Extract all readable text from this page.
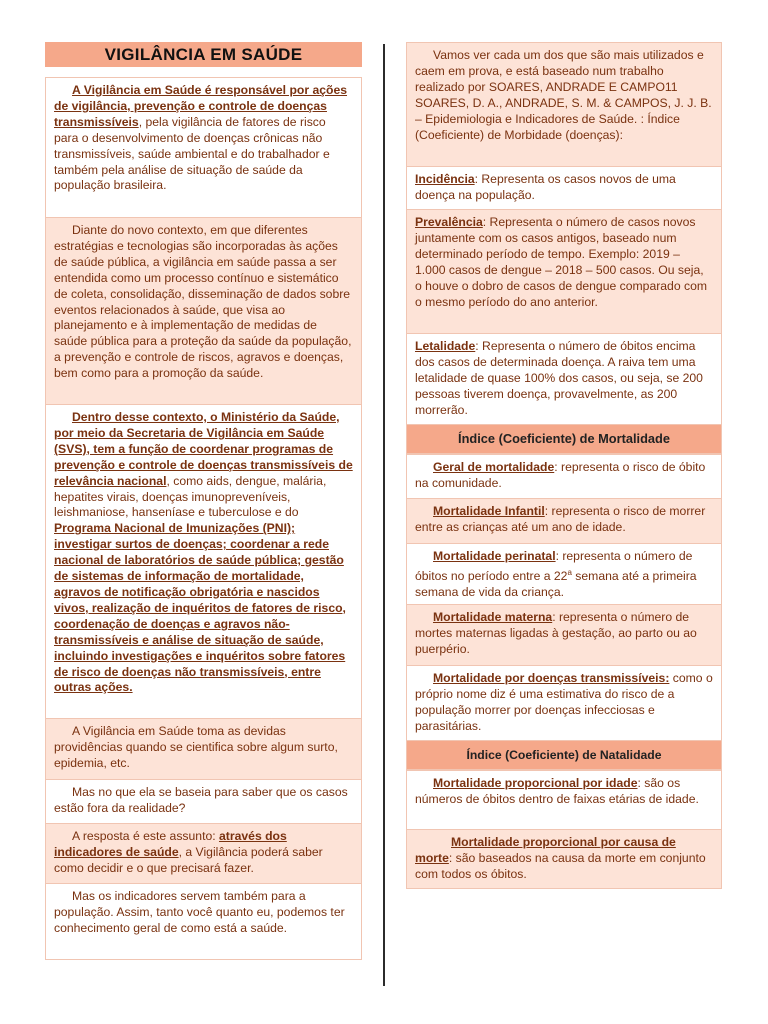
VIGILÂNCIA EM SAÚDE
A Vigilância em Saúde é responsável por ações de vigilância, prevenção e controle de doenças transmissíveis, pela vigilância de fatores de risco para o desenvolvimento de doenças crônicas não transmissíveis, saúde ambiental e do trabalhador e também pela análise de situação de saúde da população brasileira.
Diante do novo contexto, em que diferentes estratégias e tecnologias são incorporadas às ações de saúde pública, a vigilância em saúde passa a ser entendida como um processo contínuo e sistemático de coleta, consolidação, disseminação de dados sobre eventos relacionados à saúde, que visa ao planejamento e à implementação de medidas de saúde pública para a proteção da saúde da população, a prevenção e controle de riscos, agravos e doenças, bem como para a promoção da saúde.
Dentro desse contexto, o Ministério da Saúde, por meio da Secretaria de Vigilância em Saúde (SVS), tem a função de coordenar programas de prevenção e controle de doenças transmissíveis de relevância nacional, como aids, dengue, malária, hepatites virais, doenças imunopreveníveis, leishmaniose, hanseníase e tuberculose e do Programa Nacional de Imunizações (PNI); investigar surtos de doenças; coordenar a rede nacional de laboratórios de saúde pública; gestão de sistemas de informação de mortalidade, agravos de notificação obrigatória e nascidos vivos, realização de inquéritos de fatores de risco, coordenação de doenças e agravos não-transmissíveis e análise de situação de saúde, incluindo investigações e inquéritos sobre fatores de risco de doenças não transmissíveis, entre outras ações.
A Vigilância em Saúde toma as devidas providências quando se cientifica sobre algum surto, epidemia, etc.
Mas no que ela se baseia para saber que os casos estão fora da realidade?
A resposta é este assunto: através dos indicadores de saúde, a Vigilância poderá saber como decidir e o que precisará fazer.
Mas os indicadores servem também para a população. Assim, tanto você quanto eu, podemos ter conhecimento geral de como está a saúde.
Vamos ver cada um dos que são mais utilizados e caem em prova, e está baseado num trabalho realizado por SOARES, ANDRADE E CAMPO11 SOARES, D. A., ANDRADE, S. M. & CAMPOS, J. J. B. – Epidemiologia e Indicadores de Saúde. : Índice (Coeficiente) de Morbidade (doenças):
Incidência: Representa os casos novos de uma doença na população.
Prevalência: Representa o número de casos novos juntamente com os casos antigos, baseado num determinado período de tempo. Exemplo: 2019 – 1.000 casos de dengue – 2018 – 500 casos. Ou seja, o houve o dobro de casos de dengue comparado com o mesmo período do ano anterior.
Letalidade: Representa o número de óbitos encima dos casos de determinada doença. A raiva tem uma letalidade de quase 100% dos casos, ou seja, se 200 pessoas tiverem doença, provavelmente, as 200 morrerão.
Índice (Coeficiente) de Mortalidade
Geral de mortalidade: representa o risco de óbito na comunidade.
Mortalidade Infantil: representa o risco de morrer entre as crianças até um ano de idade.
Mortalidade perinatal: representa o número de óbitos no período entre a 22$^a$ semana até a primeira semana de vida da criança.
Mortalidade materna: representa o número de mortes maternas ligadas à gestação, ao parto ou ao puerpério.
Mortalidade por doenças transmissíveis: como o próprio nome diz é uma estimativa do risco de a população morrer por doenças infecciosas e parasitárias.
Índice (Coeficiente) de Natalidade
Mortalidade proporcional por idade: são os números de óbitos dentro de faixas etárias de idade.
Mortalidade proporcional por causa de morte: são baseados na causa da morte em conjunto com todos os óbitos.
